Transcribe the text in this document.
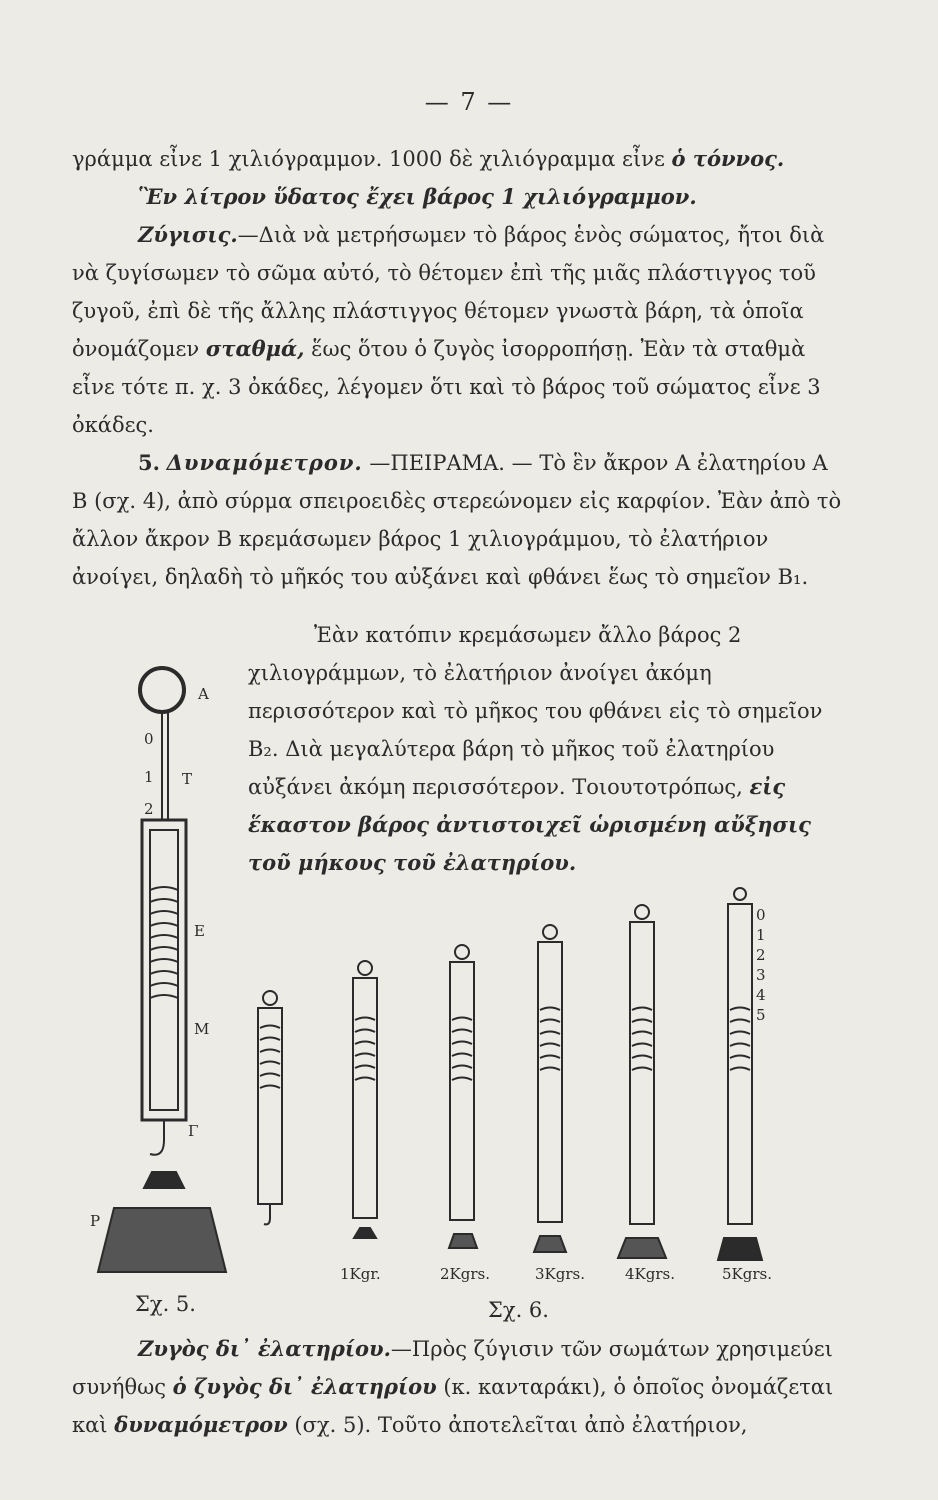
— 7 —

γράμμα εἶνε 1 χιλιόγραμμον. 1000 δὲ χιλιόγραμμα εἶνε ὁ τόννος.

Ἓν λίτρον ὕδατος ἔχει βάρος 1 χιλιόγραμμον.

Ζύγισις.—Διὰ νὰ μετρήσωμεν τὸ βάρος ἑνὸς σώματος, ἤτοι διὰ νὰ ζυγίσωμεν τὸ σῶμα αὐτό, τὸ θέτομεν ἐπὶ τῆς μιᾶς πλάστιγγος τοῦ ζυγοῦ, ἐπὶ δὲ τῆς ἄλλης πλάστιγγος θέτομεν γνωστὰ βάρη, τὰ ὁποῖα ὀνομάζομεν σταθμά, ἕως ὅτου ὁ ζυγὸς ἰσορροπήσῃ. Ἐὰν τὰ σταθμὰ εἶνε τότε π. χ. 3 ὀκάδες, λέγομεν ὅτι καὶ τὸ βάρος τοῦ σώματος εἶνε 3 ὀκάδες.

5. Δυναμόμετρον. —ΠΕΙΡΑΜΑ. — Τὸ ἓν ἄκρον Α ἐλατηρίου Α Β (σχ. 4), ἀπὸ σύρμα σπειροειδὲς στερεώνομεν εἰς καρφίον. Ἐὰν ἀπὸ τὸ ἄλλον ἄκρον Β κρεμάσωμεν βάρος 1 χιλιογράμμου, τὸ ἐλατήριον ἀνοίγει, δηλαδὴ τὸ μῆκός του αὐξάνει καὶ φθάνει ἕως τὸ σημεῖον Β₁.

Ἐὰν κατόπιν κρεμάσωμεν ἄλλο βάρος 2 χιλιογράμμων, τὸ ἐλατήριον ἀνοίγει ἀκόμη περισσότερον καὶ τὸ μῆκος του φθάνει εἰς τὸ σημεῖον Β₂. Διὰ μεγαλύτερα βάρη τὸ μῆκος τοῦ ἐλατηρίου αὐξάνει ἀκόμη περισσότερον. Τοιουτοτρόπως, εἰς ἕκαστον βάρος ἀντιστοιχεῖ ὡρισμένη αὔξησις τοῦ μήκους τοῦ ἐλατηρίου.

Α
Τ
Ε
Μ
Γ
Ρ
0
1
2
Σχ. 5.
1Kgr.	2Kgrs.	3Kgrs.	4Kgrs.	5Kgrs.
0
1
2
3
4
5
Σχ. 6.

Ζυγὸς δι᾽ ἐλατηρίου.—Πρὸς ζύγισιν τῶν σωμάτων χρησιμεύει συνήθως ὁ ζυγὸς δι᾽ ἐλατηρίου (κ. κανταράκι), ὁ ὁποῖος ὀνομάζεται καὶ δυναμόμετρον (σχ. 5). Τοῦτο ἀποτελεῖται ἀπὸ ἐλατήριον,
